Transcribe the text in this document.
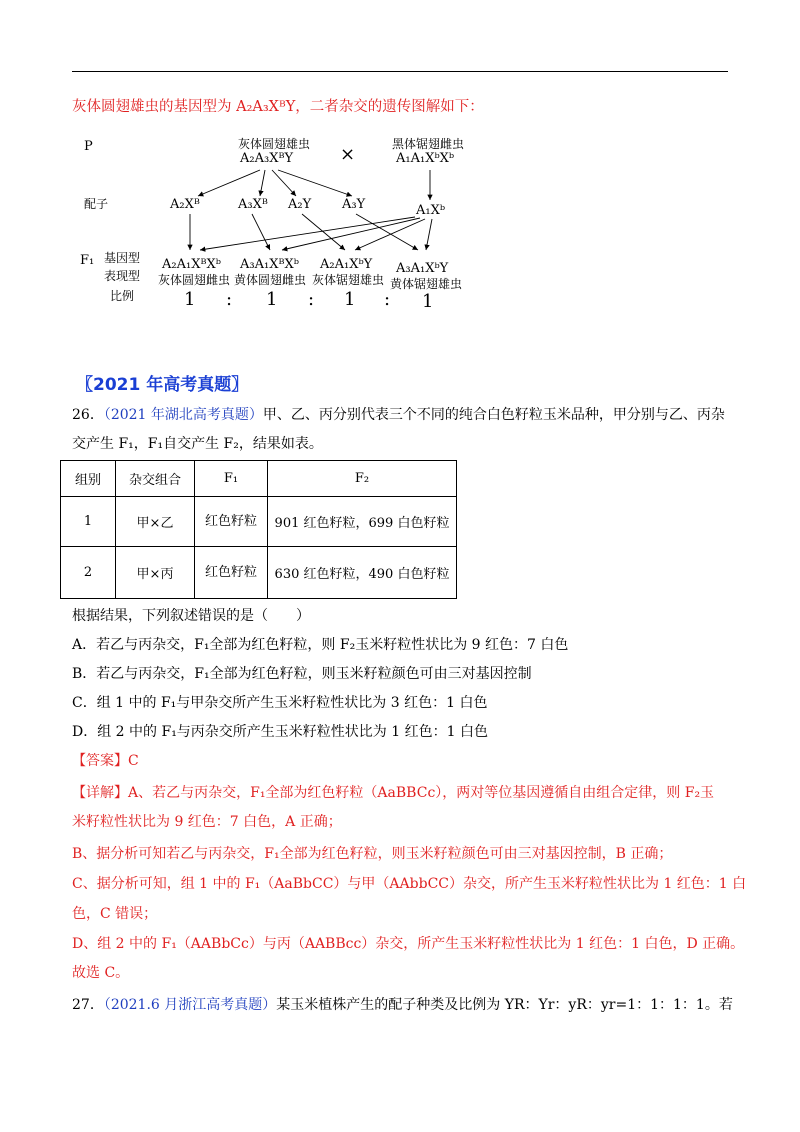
灰体圆翅雄虫的基因型为 A₂A₃XᴮY，二者杂交的遗传图解如下：
P	灰体圆翅雄虫
A₂A₃XᴮY	×	黑体锯翅雌虫
A₁A₁XᵇXᵇ
配子	A₂Xᴮ	A₃Xᴮ A₂Y A₃Y	A₁Xᵇ
F₁ 基因型
表现型
比例
A₂A₁XᴮXᵇ
灰体圆翅雌虫
A₃A₁XᴮXᵇ
黄体圆翅雌虫
A₂A₁XᵇY
灰体锯翅雄虫
A₃A₁XᵇY
黄体锯翅雄虫
1 : 1 : 1 : 1
〖2021 年高考真题〗
26．（2021 年湖北高考真题）甲、乙、丙分别代表三个不同的纯合白色籽粒玉米品种，甲分别与乙、丙杂
交产生 F₁，F₁自交产生 F₂，结果如表。
组别	杂交组合	F₁	F₂
1	甲×乙	红色籽粒	901 红色籽粒，699 白色籽粒
2	甲×丙	红色籽粒	630 红色籽粒，490 白色籽粒
根据结果，下列叙述错误的是（　　）
A．若乙与丙杂交，F₁全部为红色籽粒，则 F₂玉米籽粒性状比为 9 红色：7 白色
B．若乙与丙杂交，F₁全部为红色籽粒，则玉米籽粒颜色可由三对基因控制
C．组 1 中的 F₁与甲杂交所产生玉米籽粒性状比为 3 红色：1 白色
D．组 2 中的 F₁与丙杂交所产生玉米籽粒性状比为 1 红色：1 白色
【答案】C
【详解】A、若乙与丙杂交，F₁全部为红色籽粒（AaBBCc），两对等位基因遵循自由组合定律，则 F₂玉
米籽粒性状比为 9 红色：7 白色，A 正确；
B、据分析可知若乙与丙杂交，F₁全部为红色籽粒，则玉米籽粒颜色可由三对基因控制，B 正确；
C、据分析可知，组 1 中的 F₁（AaBbCC）与甲（AAbbCC）杂交，所产生玉米籽粒性状比为 1 红色：1 白
色，C 错误；
D、组 2 中的 F₁（AABbCc）与丙（AABBcc）杂交，所产生玉米籽粒性状比为 1 红色：1 白色，D 正确。
故选 C。
27．（2021.6 月浙江高考真题）某玉米植株产生的配子种类及比例为 YR：Yr：yR：yr=1：1：1：1。若
